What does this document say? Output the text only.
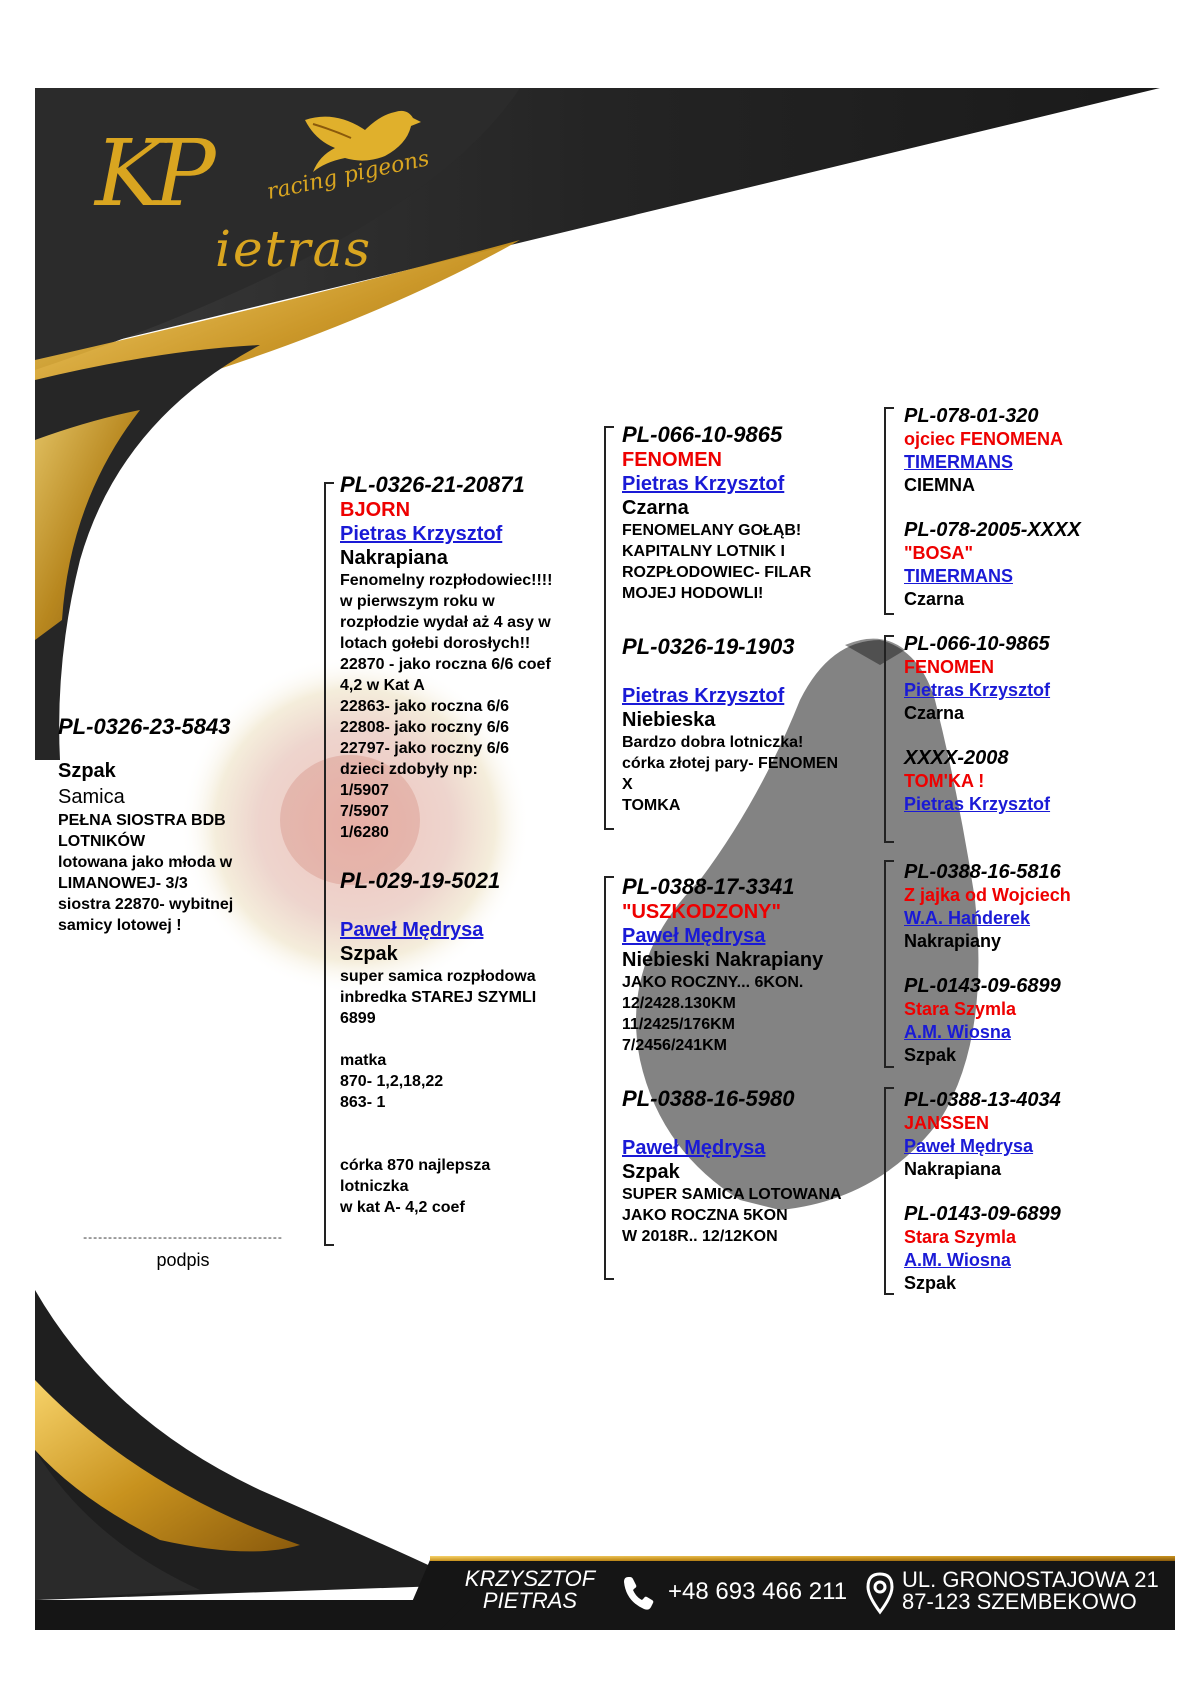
KP	racing pigeons
ietras
PL-0326-23-5843
Szpak
Samica
PEŁNA SIOSTRA BDB
LOTNIKÓW
lotowana jako młoda w
LIMANOWEJ- 3/3
siostra 22870- wybitnej
samicy lotowej !
----------------------------------------
podpis
PL-0326-21-20871
BJORN
Pietras Krzysztof
Nakrapiana
Fenomelny rozpłodowiec!!!!
w pierwszym roku w
rozpłodzie wydał aż 4 asy w
lotach gołebi dorosłych!!
22870 - jako roczna 6/6 coef
4,2 w Kat A
22863- jako roczna 6/6
22808- jako roczny 6/6
22797- jako roczny 6/6
dzieci zdobyły np:
1/5907
7/5907
1/6280
PL-029-19-5021
Paweł Mędrysa
Szpak
super samica rozpłodowa
inbredka STAREJ SZYMLI
6899

matka
870- 1,2,18,22
863- 1

córka 870 najlepsza
lotniczka
w kat A- 4,2 coef
PL-066-10-9865
FENOMEN
Pietras Krzysztof
Czarna
FENOMELANY GOŁĄB!
KAPITALNY LOTNIK I
ROZPŁODOWIEC- FILAR
MOJEJ HODOWLI!
PL-0326-19-1903
Pietras Krzysztof
Niebieska
Bardzo dobra lotniczka!
córka złotej pary- FENOMEN
X
TOMKA
PL-0388-17-3341
"USZKODZONY"
Paweł Mędrysa
Niebieski Nakrapiany
JAKO ROCZNY... 6KON.
12/2428.130KM
11/2425/176KM
7/2456/241KM
PL-0388-16-5980
Paweł Mędrysa
Szpak
SUPER SAMICA LOTOWANA
JAKO ROCZNA 5KON
W 2018R.. 12/12KON
PL-078-01-320
ojciec FENOMENA
TIMERMANS
CIEMNA
PL-078-2005-XXXX
"BOSA"
TIMERMANS
Czarna
PL-066-10-9865
FENOMEN
Pietras Krzysztof
Czarna
XXXX-2008
TOM'KA !
Pietras Krzysztof
PL-0388-16-5816
Z jajka od Wojciech
W.A. Hańderek
Nakrapiany
PL-0143-09-6899
Stara Szymla
A.M. Wiosna
Szpak
PL-0388-13-4034
JANSSEN
Paweł Mędrysa
Nakrapiana
PL-0143-09-6899
Stara Szymla
A.M. Wiosna
Szpak
KRZYSZTOF
PIETRAS	+48 693 466 211 UL. GRONOSTAJOWA 21
87-123 SZEMBEKOWO
